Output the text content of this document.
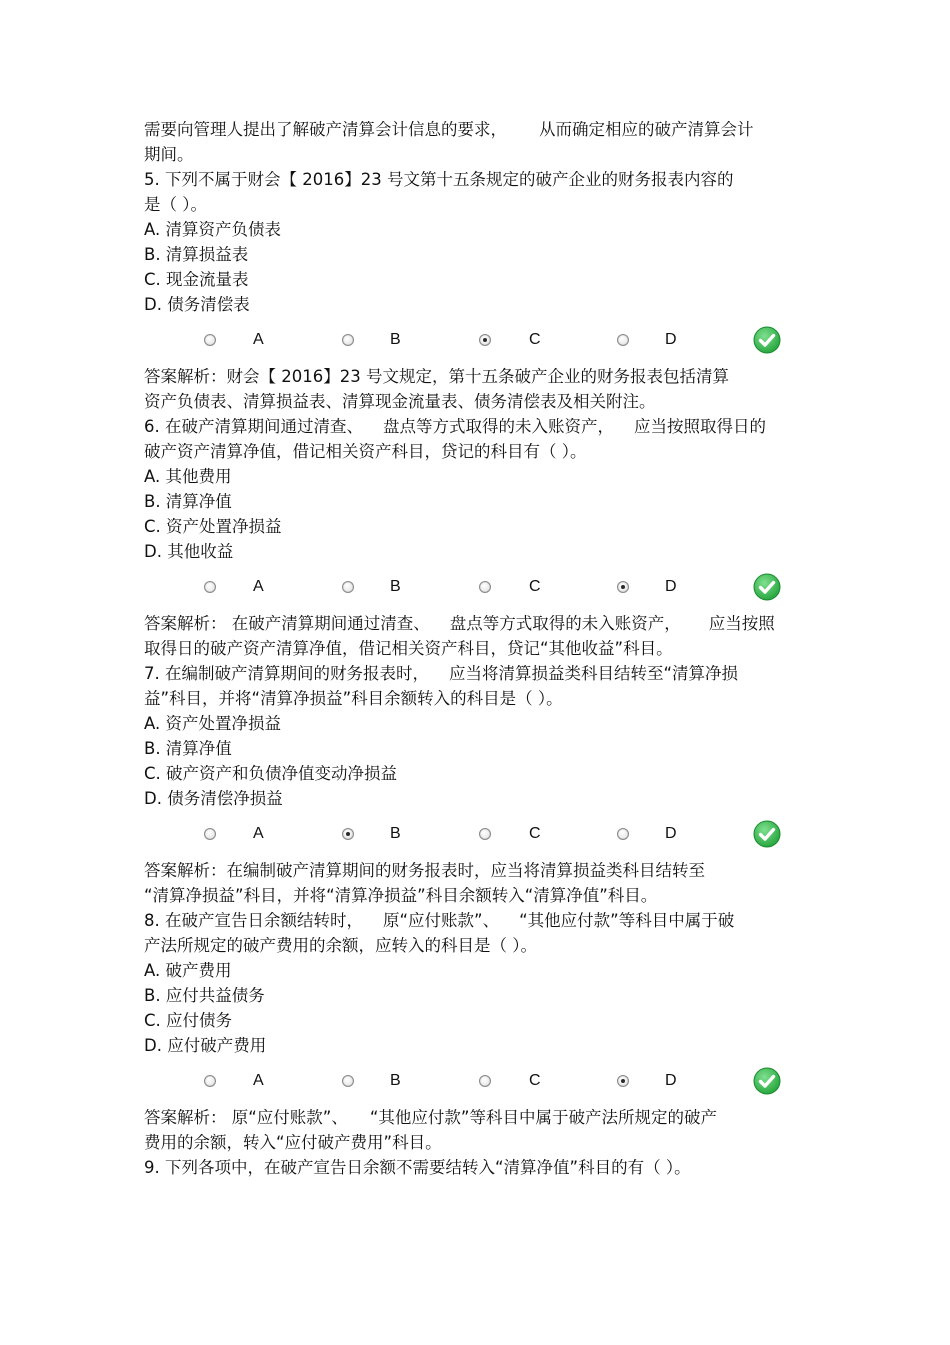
需要向管理人提出了解破产清算会计信息的要求， 从而确定相应的破产清算会计
期间。
5. 下列不属于财会【 2016】23 号文第十五条规定的破产企业的财务报表内容的
是（ ）。
A. 清算资产负债表
B. 清算损益表
C. 现金流量表
D. 债务清偿表
A	B	C	D
答案解析：财会【 2016】23 号文规定，第十五条破产企业的财务报表包括清算
资产负债表、清算损益表、清算现金流量表、债务清偿表及相关附注。
6. 在破产清算期间通过清查、 盘点等方式取得的未入账资产， 应当按照取得日的
破产资产清算净值，借记相关资产科目，贷记的科目有（ ）。
A. 其他费用
B. 清算净值
C. 资产处置净损益
D. 其他收益
A	B	C	D
答案解析： 在破产清算期间通过清查、 盘点等方式取得的未入账资产， 应当按照
取得日的破产资产清算净值，借记相关资产科目，贷记“其他收益”科目。
7. 在编制破产清算期间的财务报表时， 应当将清算损益类科目结转至“清算净损
益”科目，并将“清算净损益”科目余额转入的科目是（ ）。
A. 资产处置净损益
B. 清算净值
C. 破产资产和负债净值变动净损益
D. 债务清偿净损益
A	B	C	D
答案解析：在编制破产清算期间的财务报表时，应当将清算损益类科目结转至
“清算净损益”科目，并将“清算净损益”科目余额转入“清算净值”科目。
8. 在破产宣告日余额结转时， 原“应付账款”、 “其他应付款”等科目中属于破
产法所规定的破产费用的余额，应转入的科目是（ ）。
A. 破产费用
B. 应付共益债务
C. 应付债务
D. 应付破产费用
A	B	C	D
答案解析： 原“应付账款”、 “其他应付款”等科目中属于破产法所规定的破产
费用的余额，转入“应付破产费用”科目。
9. 下列各项中，在破产宣告日余额不需要结转入“清算净值”科目的有（ ）。
